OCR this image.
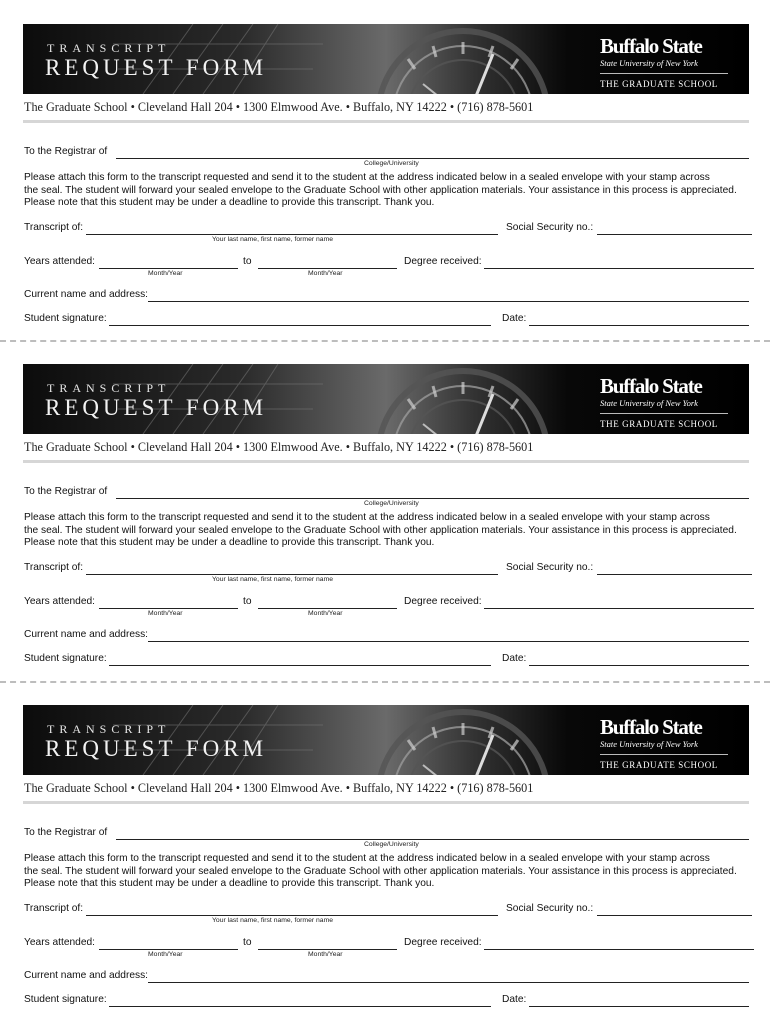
TRANSCRIPT
REQUEST FORM
Buffalo State
State University of New York
THE GRADUATE SCHOOL
The Graduate School • Cleveland Hall 204 • 1300 Elmwood Ave. • Buffalo, NY 14222 • (716) 878-5601
To the Registrar of
College/University
Please attach this form to the transcript requested and send it to the student at the address indicated below in a sealed envelope with your stamp across
the seal. The student will forward your sealed envelope to the Graduate School with other application materials. Your assistance in this process is appreciated.
Please note that this student may be under a deadline to provide this transcript. Thank you.
Transcript of:
Your last name, first name, former name
Social Security no.:
Years attended:
Month/Year
to
Month/Year
Degree received:
Current name and address:
Student signature:	Date:
TRANSCRIPT
REQUEST FORM
Buffalo State
State University of New York
THE GRADUATE SCHOOL
The Graduate School • Cleveland Hall 204 • 1300 Elmwood Ave. • Buffalo, NY 14222 • (716) 878-5601
To the Registrar of
College/University
Please attach this form to the transcript requested and send it to the student at the address indicated below in a sealed envelope with your stamp across
the seal. The student will forward your sealed envelope to the Graduate School with other application materials. Your assistance in this process is appreciated.
Please note that this student may be under a deadline to provide this transcript. Thank you.
Transcript of:
Your last name, first name, former name
Social Security no.:
Years attended:
Month/Year
to
Month/Year
Degree received:
Current name and address:
Student signature:	Date:
TRANSCRIPT
REQUEST FORM
Buffalo State
State University of New York
THE GRADUATE SCHOOL
The Graduate School • Cleveland Hall 204 • 1300 Elmwood Ave. • Buffalo, NY 14222 • (716) 878-5601
To the Registrar of
College/University
Please attach this form to the transcript requested and send it to the student at the address indicated below in a sealed envelope with your stamp across
the seal. The student will forward your sealed envelope to the Graduate School with other application materials. Your assistance in this process is appreciated.
Please note that this student may be under a deadline to provide this transcript. Thank you.
Transcript of:
Your last name, first name, former name
Social Security no.:
Years attended:
Month/Year
to
Month/Year
Degree received:
Current name and address:
Student signature:	Date:
